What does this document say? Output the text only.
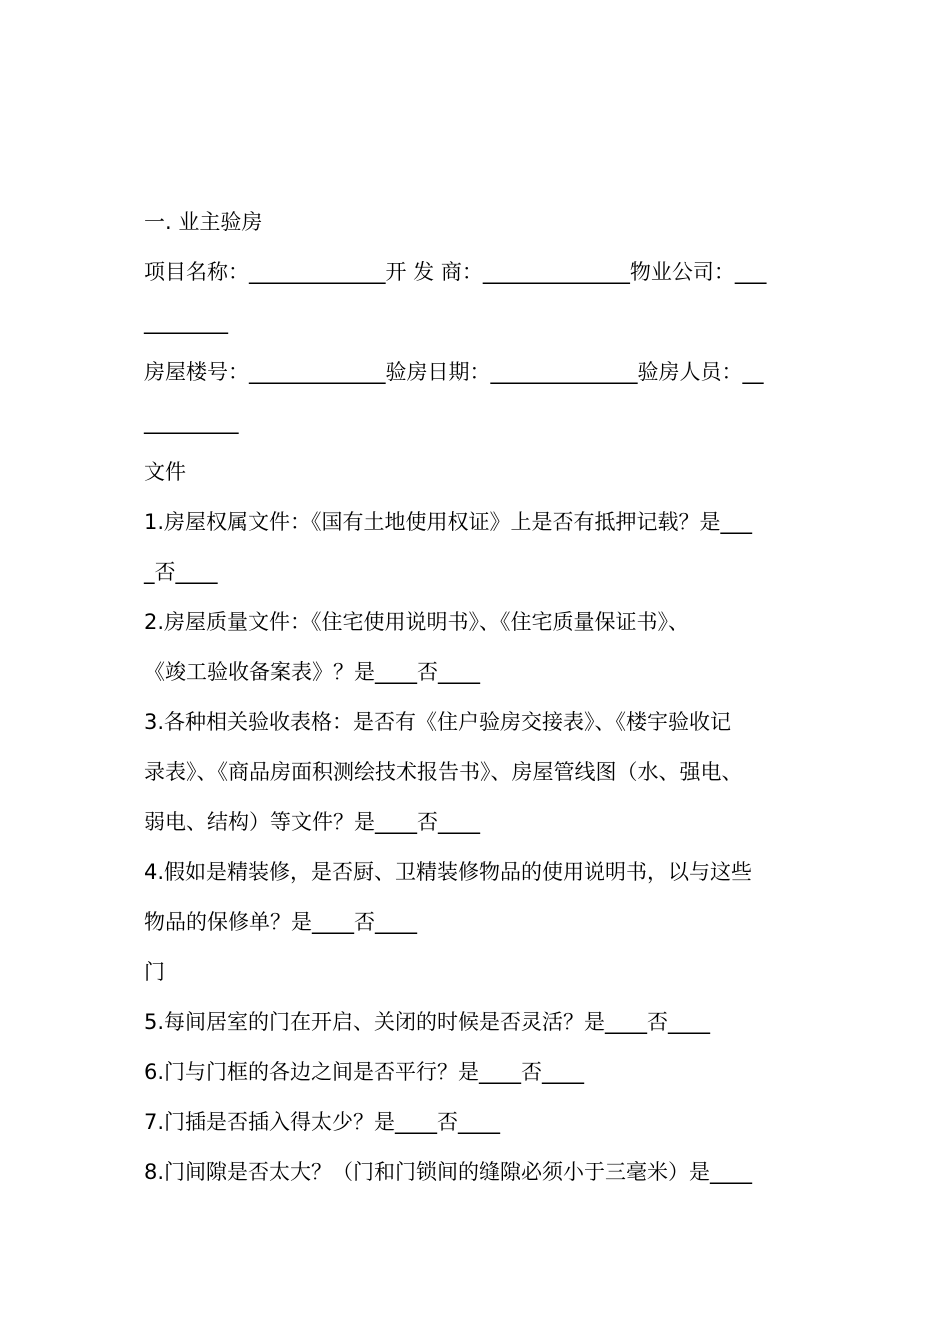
一. 业主验房
项目名称：_____________开 发 商：______________物业公司：___
________
房屋楼号：_____________验房日期：______________验房人员：__
_________
文件
1.房屋权属文件：《国有土地使用权证》上是否有抵押记载？是___
_否____
2.房屋质量文件：《住宅使用说明书》、《住宅质量保证书》、
《竣工验收备案表》？是____否____
3.各种相关验收表格：是否有《住户验房交接表》、《楼宇验收记
录表》、《商品房面积测绘技术报告书》、房屋管线图（水、强电、
弱电、结构）等文件？是____否____
4.假如是精装修，是否厨、卫精装修物品的使用说明书，以与这些
物品的保修单？是____否____
门
5.每间居室的门在开启、关闭的时候是否灵活？是____否____
6.门与门框的各边之间是否平行？是____否____
7.门插是否插入得太少？是____否____
8.门间隙是否太大？（门和门锁间的缝隙必须小于三毫米）是____
